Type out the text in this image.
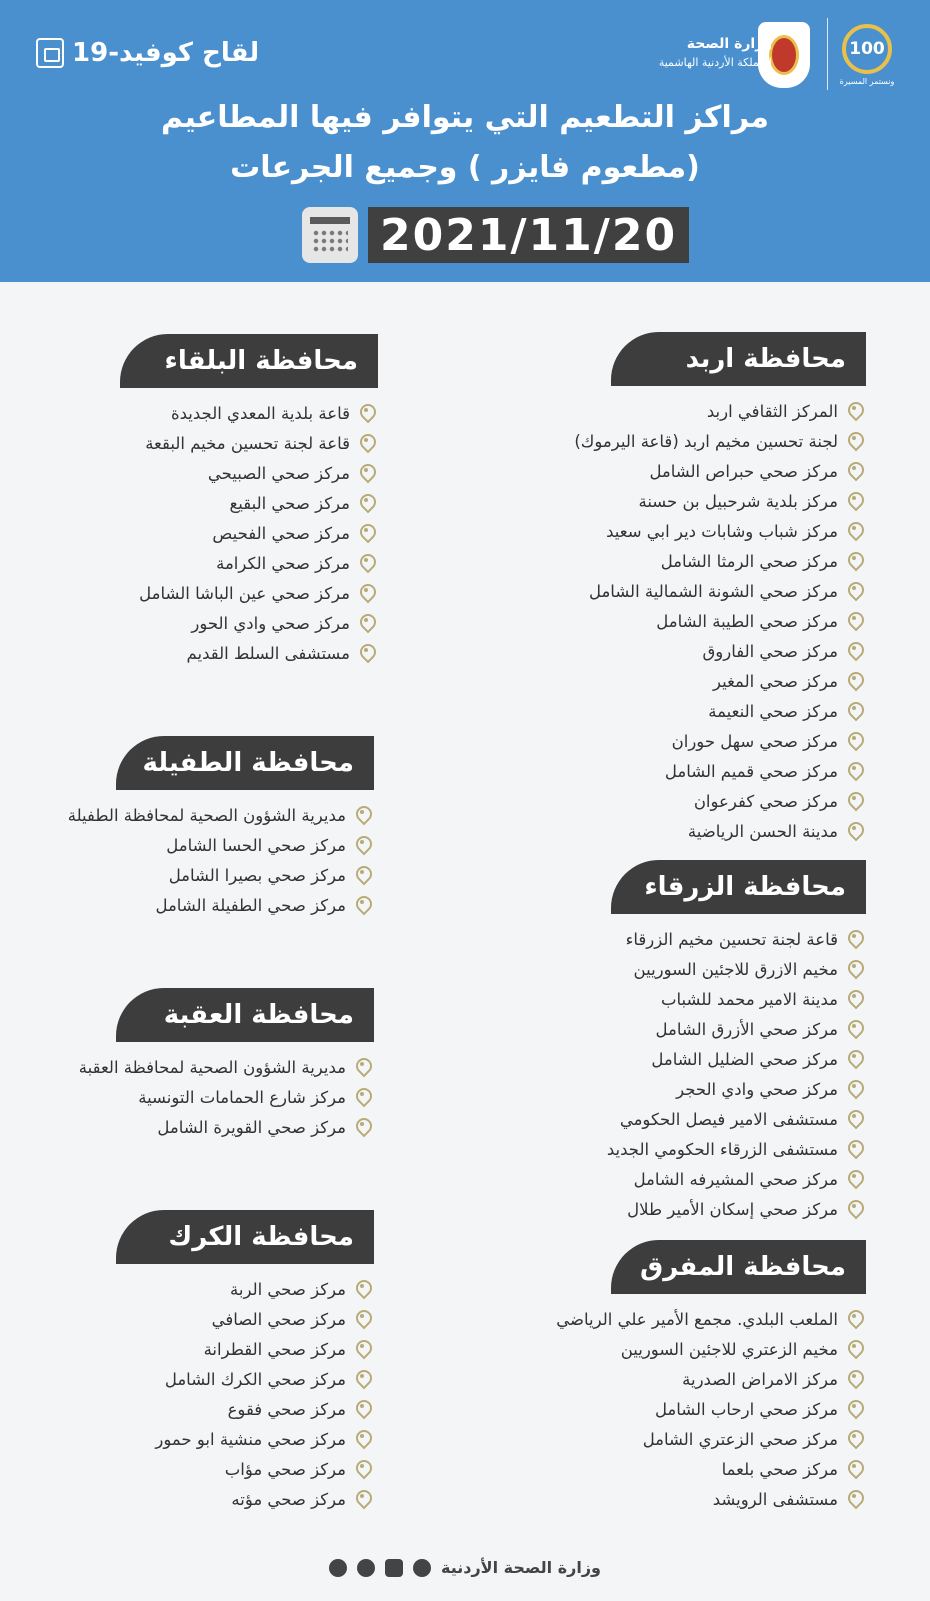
لقاح كوفيد-19	100
ونستمر المسيرة
وزارة الصحة
المملكة الأردنية الهاشمية
مراكز التطعيم التي يتوافر فيها المطاعيم
(مطعوم فايزر ) وجميع الجرعات
2021/11/20
محافظة اربد
المركز الثقافي اربد
لجنة تحسين مخيم اربد (قاعة اليرموك)
مركز صحي حبراص الشامل
مركز بلدية شرحبيل بن حسنة
مركز شباب وشابات دير ابي سعيد
مركز صحي الرمثا الشامل
مركز صحي الشونة الشمالية الشامل
مركز صحي الطيبة الشامل
مركز صحي الفاروق
مركز صحي المغير
مركز صحي النعيمة
مركز صحي سهل حوران
مركز صحي قميم الشامل
مركز صحي كفرعوان
مدينة الحسن الرياضية
محافظة الزرقاء
قاعة لجنة تحسين مخيم الزرقاء
مخيم الازرق للاجئين السوريين
مدينة الامير محمد للشباب
مركز صحي الأزرق الشامل
مركز صحي الضليل الشامل
مركز صحي وادي الحجر
مستشفى الامير فيصل الحكومي
مستشفى الزرقاء الحكومي الجديد
مركز صحي المشيرفه الشامل
مركز صحي إسكان الأمير طلال
محافظة المفرق
الملعب البلدي. مجمع الأمير علي الرياضي
مخيم الزعتري للاجئين السوريين
مركز الامراض الصدرية
مركز صحي ارحاب الشامل
مركز صحي الزعتري الشامل
مركز صحي بلعما
مستشفى الرويشد
محافظة البلقاء
قاعة بلدية المعدي الجديدة
قاعة لجنة تحسين مخيم البقعة
مركز صحي الصبيحي
مركز صحي البقيع
مركز صحي الفحيص
مركز صحي الكرامة
مركز صحي عين الباشا الشامل
مركز صحي وادي الحور
مستشفى السلط القديم
محافظة الطفيلة
مديرية الشؤون الصحية لمحافظة الطفيلة
مركز صحي الحسا الشامل
مركز صحي بصيرا الشامل
مركز صحي الطفيلة الشامل
محافظة العقبة
مديرية الشؤون الصحية لمحافظة العقبة
مركز شارع الحمامات التونسية
مركز صحي القويرة الشامل
محافظة الكرك
مركز صحي الربة
مركز صحي الصافي
مركز صحي القطرانة
مركز صحي الكرك الشامل
مركز صحي فقوع
مركز صحي منشية ابو حمور
مركز صحي مؤاب
مركز صحي مؤته
وزارة الصحة الأردنية
